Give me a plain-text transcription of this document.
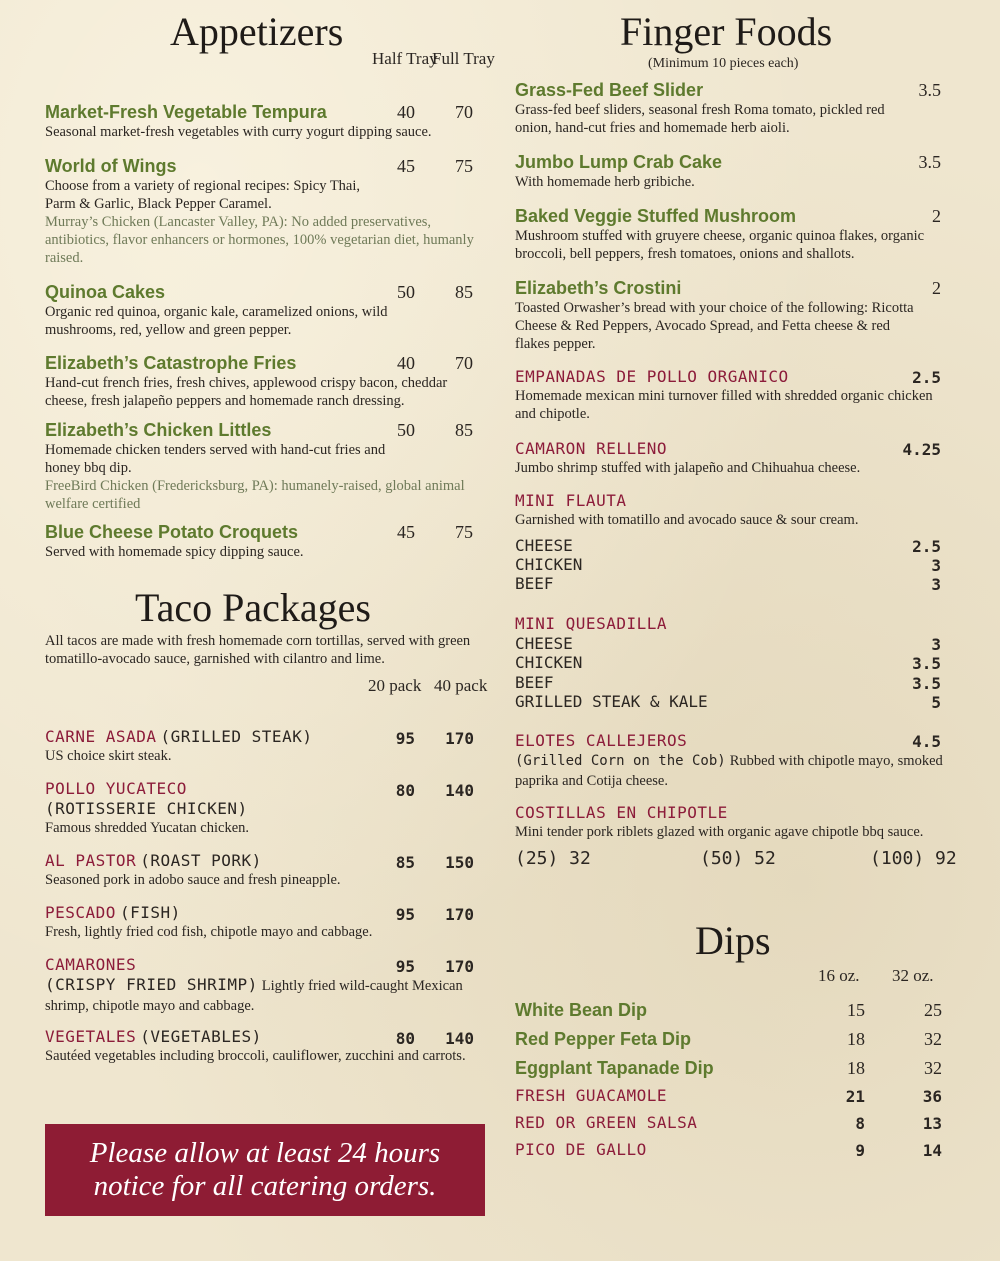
Appetizers
Half Tray
Full Tray
Market-Fresh Vegetable Tempura	40	70
Seasonal market-fresh vegetables with curry yogurt dipping sauce.
World of Wings	45	75
Choose from a variety of regional recipes: Spicy Thai, Parm & Garlic, Black Pepper Caramel.
Murray’s Chicken (Lancaster Valley, PA): No added preservatives, antibiotics, flavor enhancers or hormones, 100% vegetarian diet, humanly raised.
Quinoa Cakes	50	85
Organic red quinoa, organic kale, caramelized onions, wild mushrooms, red, yellow and green pepper.
Elizabeth’s Catastrophe Fries	40	70
Hand-cut french fries, fresh chives, applewood crispy bacon, cheddar cheese, fresh jalapeño peppers and homemade ranch dressing.
Elizabeth’s Chicken Littles	50	85
Homemade chicken tenders served with hand-cut fries and honey bbq dip.
FreeBird Chicken (Fredericksburg, PA): humanely-raised, global animal welfare certified
Blue Cheese Potato Croquets	45	75
Served with homemade spicy dipping sauce.
Taco Packages
All tacos are made with fresh homemade corn tortillas, served with green tomatillo-avocado sauce, garnished with cilantro and lime.
20 pack 40 pack
CARNE ASADA (GRILLED STEAK)	95	170
US choice skirt steak.
POLLO YUCATECO
(ROTISSERIE CHICKEN)
80	140
Famous shredded Yucatan chicken.
AL PASTOR (ROAST PORK)	85	150
Seasoned pork in adobo sauce and fresh pineapple.
PESCADO (FISH)	95	170
Fresh, lightly fried cod fish, chipotle mayo and cabbage.
CAMARONES	95	170
(CRISPY FRIED SHRIMP) Lightly fried wild-caught Mexican shrimp, chipotle mayo and cabbage.
VEGETALES (VEGETABLES)	80	140
Sautéed vegetables including broccoli, cauliflower, zucchini and carrots.
Please allow at least 24 hours notice for all catering orders.
Finger Foods
(Minimum 10 pieces each)
Grass-Fed Beef Slider	3.5
Grass-fed beef sliders, seasonal fresh Roma tomato, pickled red onion, hand-cut fries and homemade herb aioli.
Jumbo Lump Crab Cake	3.5
With homemade herb gribiche.
Baked Veggie Stuffed Mushroom	2
Mushroom stuffed with gruyere cheese, organic quinoa flakes, organic broccoli, bell peppers, fresh tomatoes, onions and shallots.
Elizabeth’s Crostini	2
Toasted Orwasher’s bread with your choice of the following: Ricotta Cheese & Red Peppers, Avocado Spread, and Fetta cheese & red flakes pepper.
EMPANADAS DE POLLO ORGANICO	2.5
Homemade mexican mini turnover filled with shredded organic chicken and chipotle.
CAMARON RELLENO	4.25
Jumbo shrimp stuffed with jalapeño and Chihuahua cheese.
MINI FLAUTA
Garnished with tomatillo and avocado sauce & sour cream.
CHEESE	2.5
CHICKEN	3
BEEF	3
MINI QUESADILLA
CHEESE	3
CHICKEN	3.5
BEEF	3.5
GRILLED STEAK & KALE	5
ELOTES CALLEJEROS	4.5
(Grilled Corn on the Cob) Rubbed with chipotle mayo, smoked paprika and Cotija cheese.
COSTILLAS EN CHIPOTLE
Mini tender pork riblets glazed with organic agave chipotle bbq sauce.
(25) 32	(50) 52	(100) 92
Dips
16 oz. 32 oz.
White Bean Dip	15	25
Red Pepper Feta Dip	18	32
Eggplant Tapanade Dip	18	32
FRESH GUACAMOLE	21	36
RED OR GREEN SALSA	8	13
PICO DE GALLO	9	14
